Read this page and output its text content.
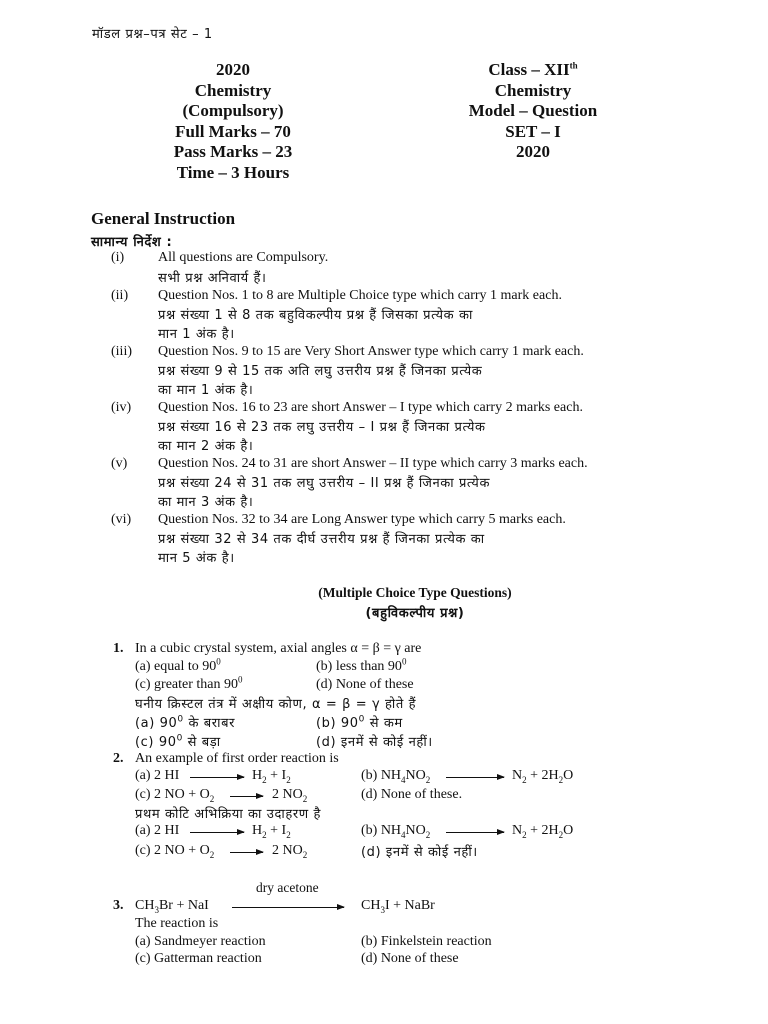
मॉडल प्रश्न–पत्र सेट – 1
2020
Chemistry
(Compulsory)
Full Marks – 70
Pass Marks – 23
Time – 3 Hours
Class – XIIth
Chemistry
Model – Question
SET – I
2020
General Instruction
सामान्य निर्देश :
(i) All questions are Compulsory.
सभी प्रश्न अनिवार्य हैं।
(ii) Question Nos. 1 to 8 are Multiple Choice type which carry 1 mark each.
प्रश्न संख्या 1 से 8 तक बहुविकल्पीय प्रश्न हैं जिसका प्रत्येक का
मान 1 अंक है।
(iii) Question Nos. 9 to 15 are Very Short Answer type which carry 1 mark each.
प्रश्न संख्या 9 से 15 तक अति लघु उत्तरीय प्रश्न हैं जिनका प्रत्येक
का मान 1 अंक है।
(iv) Question Nos. 16 to 23 are short Answer – I type which carry 2 marks each.
प्रश्न संख्या 16 से 23 तक लघु उत्तरीय – I प्रश्न हैं जिनका प्रत्येक
का मान 2 अंक है।
(v) Question Nos. 24 to 31 are short Answer – II type which carry 3 marks each.
प्रश्न संख्या 24 से 31 तक लघु उत्तरीय – II प्रश्न हैं जिनका प्रत्येक
का मान 3 अंक है।
(vi) Question Nos. 32 to 34 are Long Answer type which carry 5 marks each.
प्रश्न संख्या 32 से 34 तक दीर्घ उत्तरीय प्रश्न हैं जिनका प्रत्येक का
मान 5 अंक है।
(Multiple Choice Type Questions)
(बहुविकल्पीय प्रश्न)
1. In a cubic crystal system, axial angles α = β = γ are
(a) equal to $90^0$	(b) less than $90^0$
(c) greater than $90^0$	(d) None of these
घनीय क्रिस्टल तंत्र में अक्षीय कोण, α = β = γ होते हैं
(a) $90^0$ के बराबर	(b) $90^0$ से कम
(c) $90^0$ से बड़ा	(d) इनमें से कोई नहीं।
2. An example of first order reaction is
(a) 2 HI → $H_2 + I_2$	(b) $NH_4NO_2 \to N_2 + 2H_2O$
(c) 2 NO + $O_2 \to 2$ $NO_2$	(d) None of these.
प्रथम कोटि अभिक्रिया का उदाहरण है
(a) 2 HI → $H_2 + I_2$	(b) $NH_4NO_2 \to N_2 + 2H_2O$
(c) 2 NO + $O_2 \to 2$ $NO_2$	(d) इनमें से कोई नहीं।
dry acetone
3. $CH_3Br$ + NaI	$CH_3I$ + NaBr
The reaction is
(a) Sandmeyer reaction	(b) Finkelstein reaction
(c) Gatterman reaction	(d) None of these
